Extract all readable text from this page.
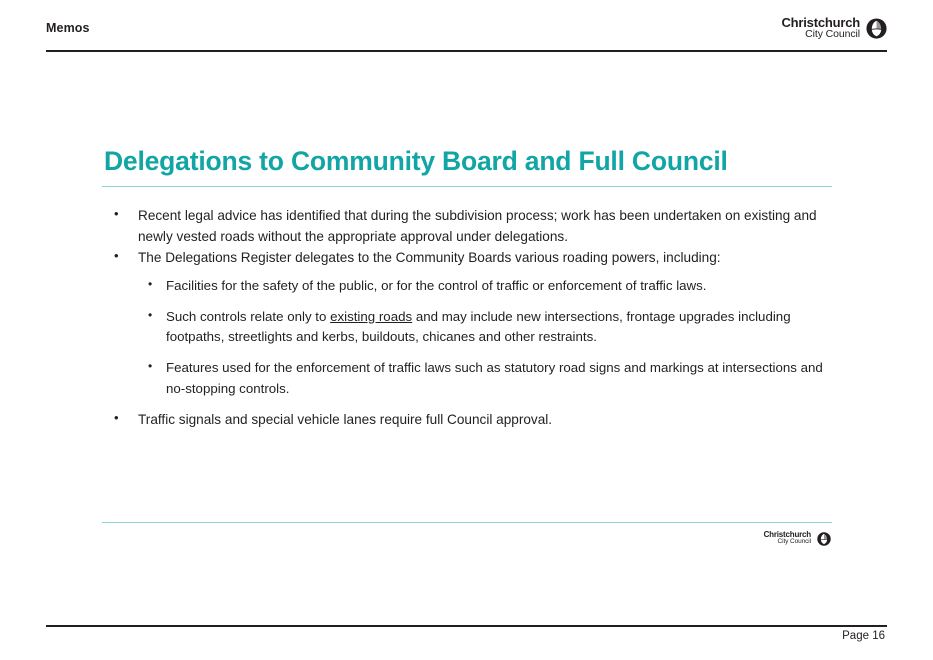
Memos	Christchurch
City Council
Delegations to Community Board and Full Council
• Recent legal advice has identified that during the subdivision process; work has been undertaken on existing and newly vested roads without the appropriate approval under delegations.
• The Delegations Register delegates to the Community Boards various roading powers, including:
• Facilities for the safety of the public, or for the control of traffic or enforcement of traffic laws.
• Such controls relate only to existing roads and may include new intersections, frontage upgrades including footpaths, streetlights and kerbs, buildouts, chicanes and other restraints.
• Features used for the enforcement of traffic laws such as statutory road signs and markings at intersections and no-stopping controls.
• Traffic signals and special vehicle lanes require full Council approval.
Christchurch
City Council
Page 16
